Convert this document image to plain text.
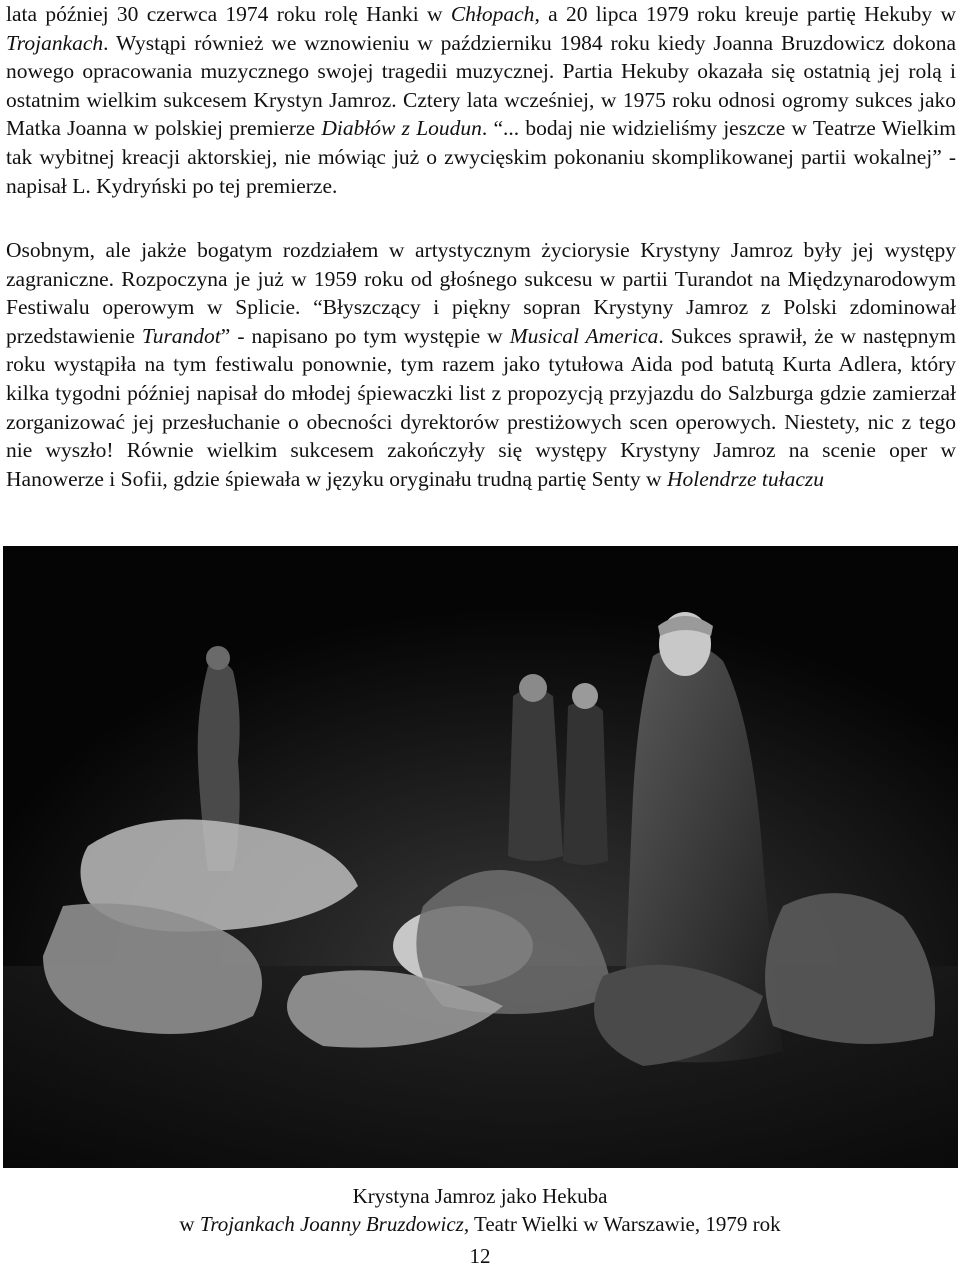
lata później 30 czerwca 1974 roku rolę Hanki w Chłopach, a 20 lipca 1979 roku kreuje partię Hekuby w Trojankach. Wystąpi również we wznowieniu w październiku 1984 roku kiedy Joanna Bruzdowicz dokona nowego opracowania muzycznego swojej tragedii muzycznej. Partia Hekuby okazała się ostatnią jej rolą i ostatnim wielkim sukcesem Krystyn Jamroz. Cztery lata wcześniej, w 1975 roku odnosi ogromy sukces jako Matka Joanna w polskiej premierze Diabłów z Loudun. “... bodaj nie widzieliśmy jeszcze w Teatrze Wielkim tak wybitnej kreacji aktorskiej, nie mówiąc już o zwycięskim pokonaniu skomplikowanej partii wokalnej” - napisał L. Kydryński po tej premierze.
Osobnym, ale jakże bogatym rozdziałem w artystycznym życiorysie Krystyny Jamroz były jej występy zagraniczne. Rozpoczyna je już w 1959 roku od głośnego sukcesu w partii Turandot na Międzynarodowym Festiwalu operowym w Splicie. “Błyszczący i piękny sopran Krystyny Jamroz z Polski zdominował przedstawienie Turandot” - napisano po tym występie w Musical America. Sukces sprawił, że w następnym roku wystąpiła na tym festiwalu ponownie, tym razem jako tytułowa Aida pod batutą Kurta Adlera, który kilka tygodni później napisał do młodej śpiewaczki list z propozycją przyjazdu do Salzburga gdzie zamierzał zorganizować jej przesłuchanie o obecności dyrektorów prestiżowych scen operowych. Niestety, nic z tego nie wyszło! Równie wielkim sukcesem zakończyły się występy Krystyny Jamroz na scenie oper w Hanowerze i Sofii, gdzie śpiewała w języku oryginału trudną partię Senty w Holendrze tułaczu
Krystyna Jamroz jako Hekuba
w Trojankach Joanny Bruzdowicz, Teatr Wielki w Warszawie, 1979 rok
12
